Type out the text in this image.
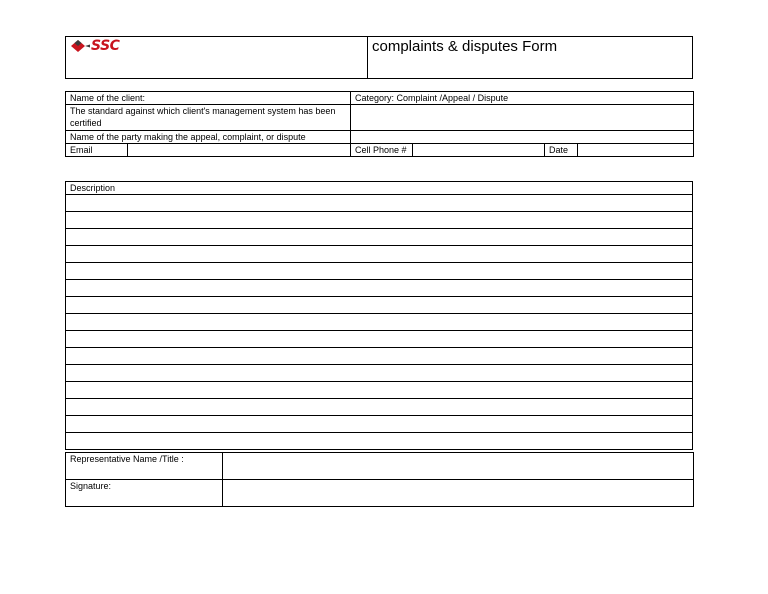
SSC	complaints & disputes Form
Name of the client:		Category: Complaint /Appeal / Dispute			
The standard against which client's management system has been certified					
Name of the party making the appeal, complaint, or dispute					
Email		Cell Phone #		Date	
Description

Representative Name /Title :	
Signature:	
